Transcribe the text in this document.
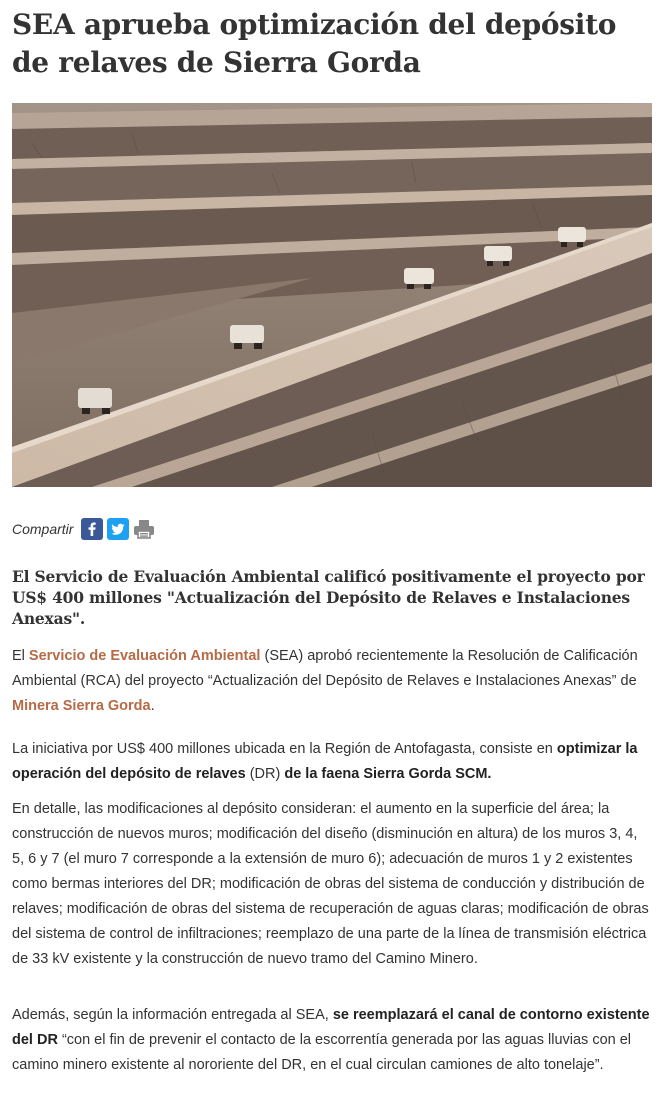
SEA aprueba optimización del depósito de relaves de Sierra Gorda
Compartir

El Servicio de Evaluación Ambiental calificó positivamente el proyecto por US$ 400 millones "Actualización del Depósito de Relaves e Instalaciones Anexas".

El Servicio de Evaluación Ambiental (SEA) aprobó recientemente la Resolución de Calificación Ambiental (RCA) del proyecto “Actualización del Depósito de Relaves e Instalaciones Anexas” de Minera Sierra Gorda.

La iniciativa por US$ 400 millones ubicada en la Región de Antofagasta, consiste en optimizar la operación del depósito de relaves (DR) de la faena Sierra Gorda SCM.

En detalle, las modificaciones al depósito consideran: el aumento en la superficie del área; la construcción de nuevos muros; modificación del diseño (disminución en altura) de los muros 3, 4, 5, 6 y 7 (el muro 7 corresponde a la extensión de muro 6); adecuación de muros 1 y 2 existentes como bermas interiores del DR; modificación de obras del sistema de conducción y distribución de relaves; modificación de obras del sistema de recuperación de aguas claras; modificación de obras del sistema de control de infiltraciones; reemplazo de una parte de la línea de transmisión eléctrica de 33 kV existente y la construcción de nuevo tramo del Camino Minero.

Además, según la información entregada al SEA, se reemplazará el canal de contorno existente del DR “con el fin de prevenir el contacto de la escorrentía generada por las aguas lluvias con el camino minero existente al nororiente del DR, en el cual circulan camiones de alto tonelaje”.
